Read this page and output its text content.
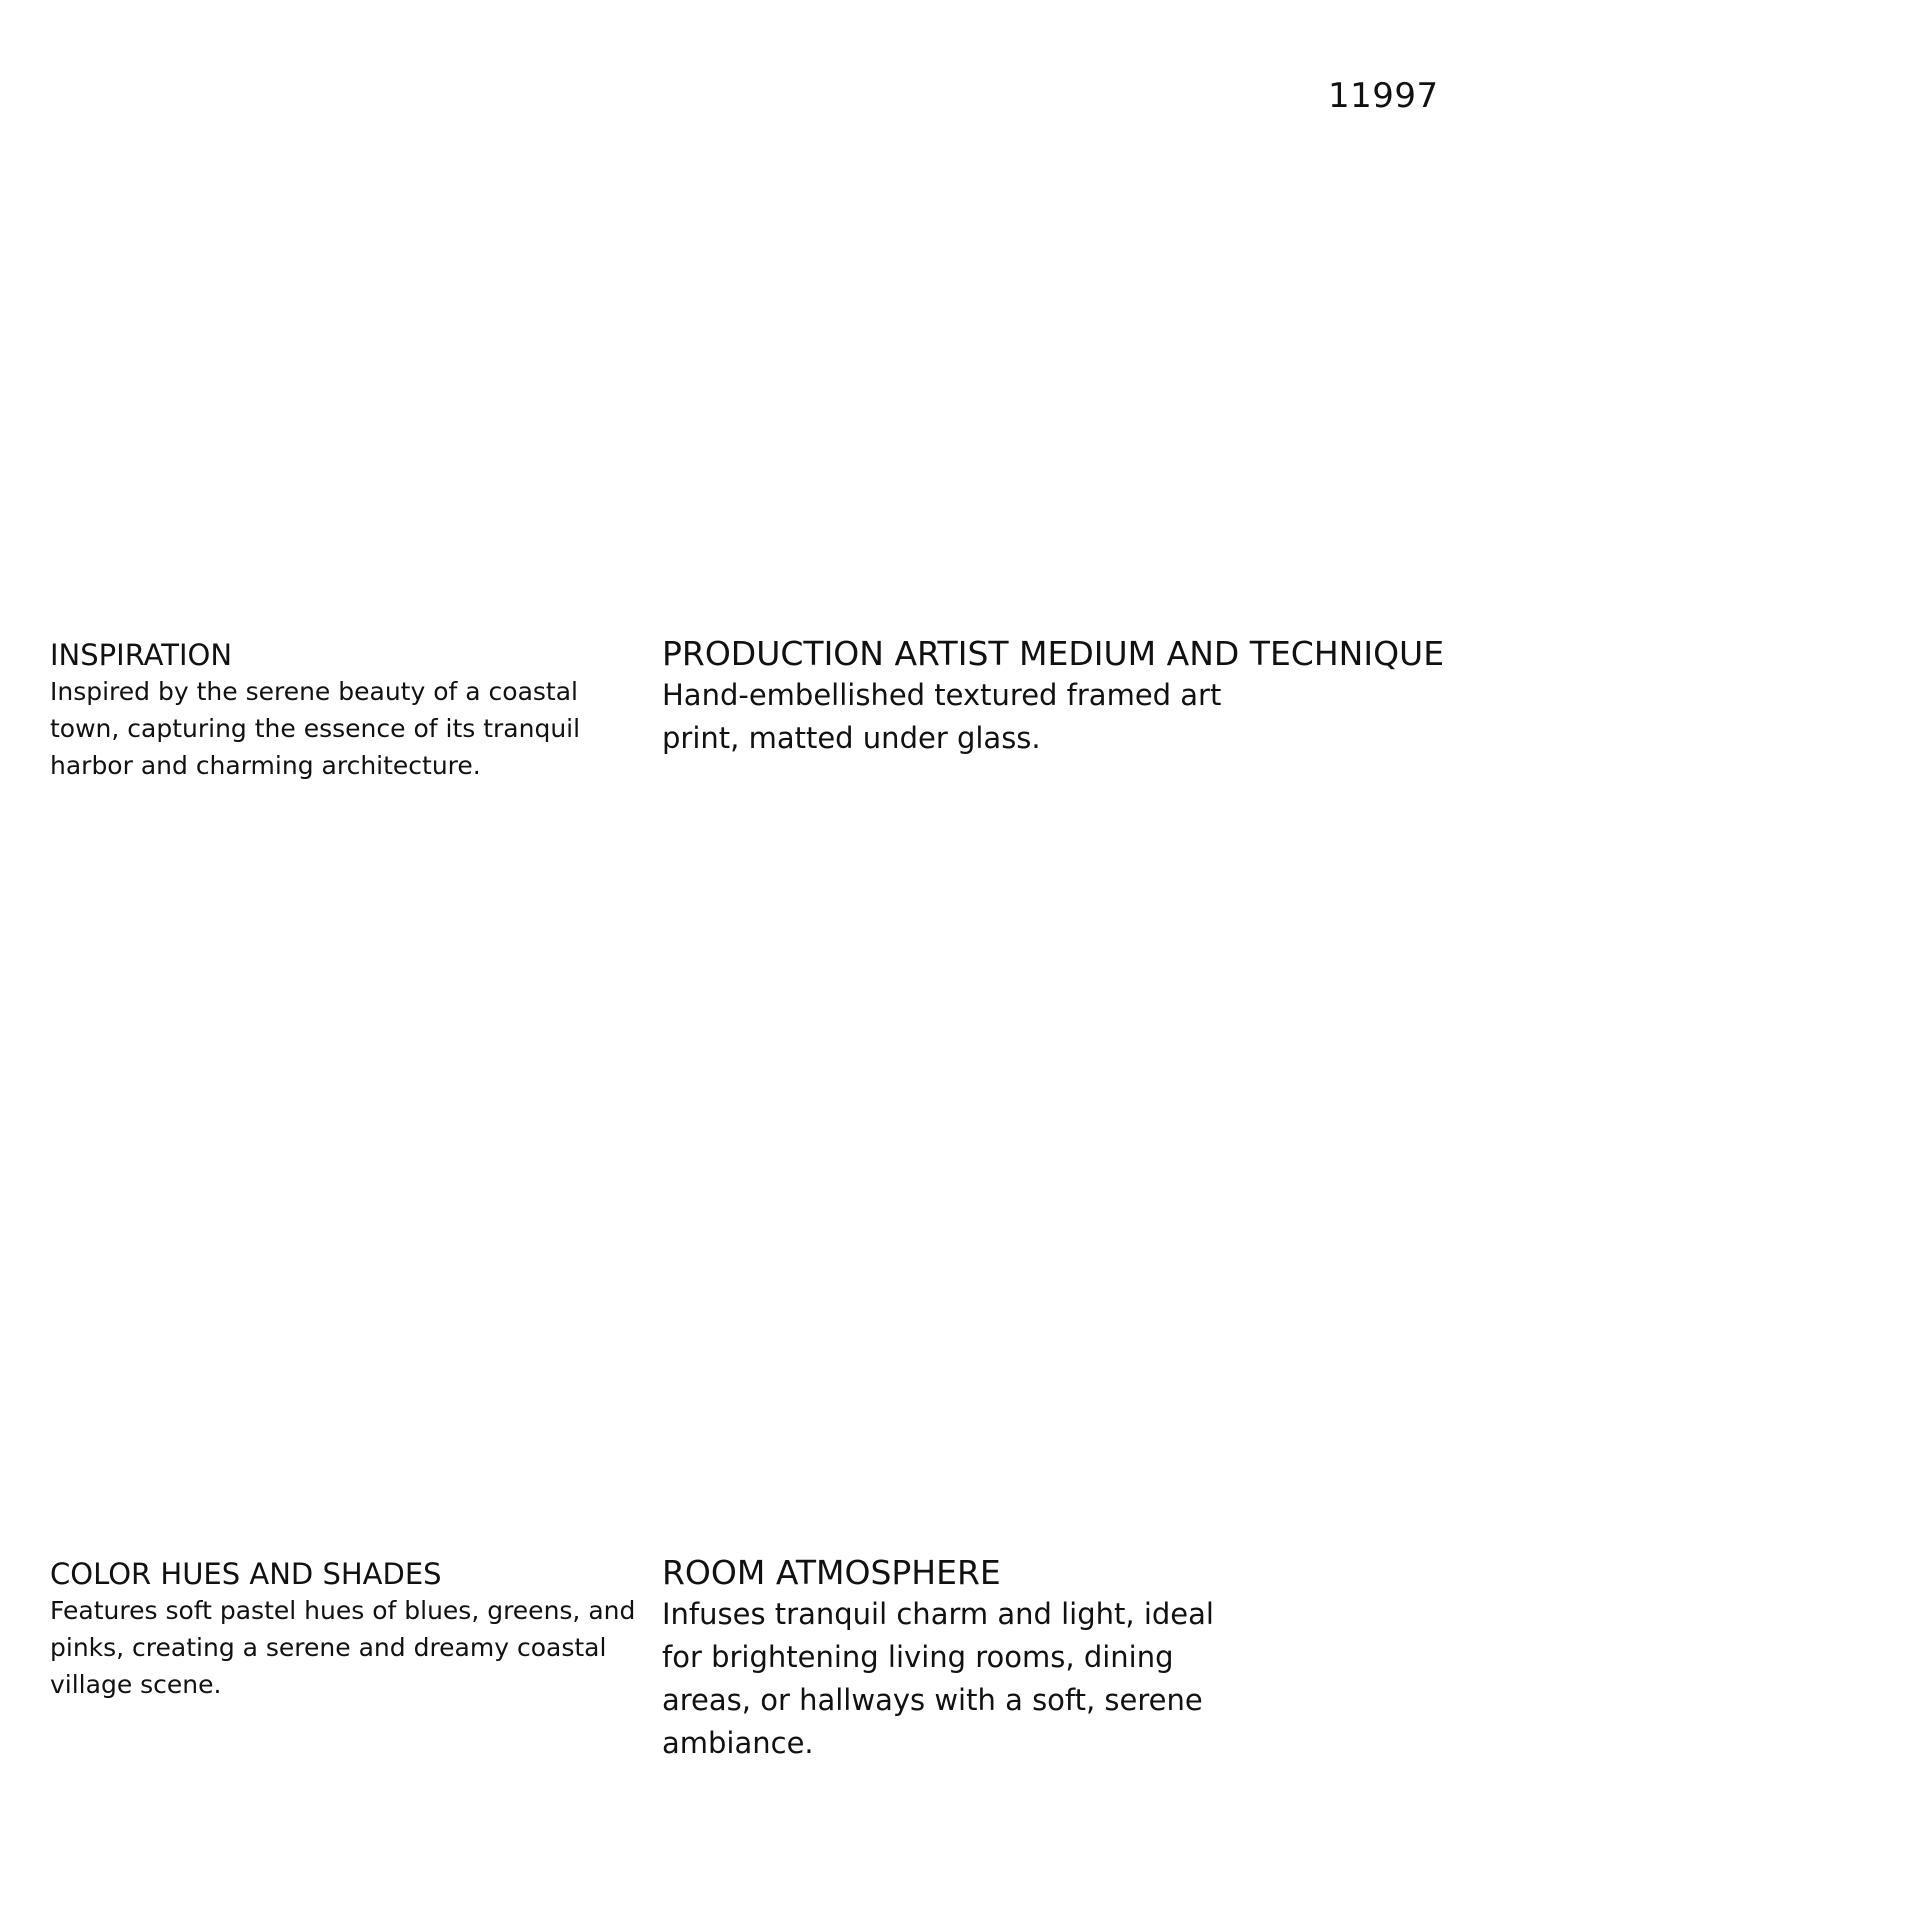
11997
INSPIRATION

Inspired by the serene beauty of a coastal town, capturing the essence of its tranquil harbor and charming architecture.

PRODUCTION ARTIST MEDIUM AND TECHNIQUE

Hand-embellished textured framed art
print, matted under glass.

COLOR HUES AND SHADES

Features soft pastel hues of blues, greens, and pinks, creating a serene and dreamy coastal village scene.

ROOM ATMOSPHERE

Infuses tranquil charm and light, ideal for brightening living rooms, dining areas, or hallways with a soft, serene ambiance.
